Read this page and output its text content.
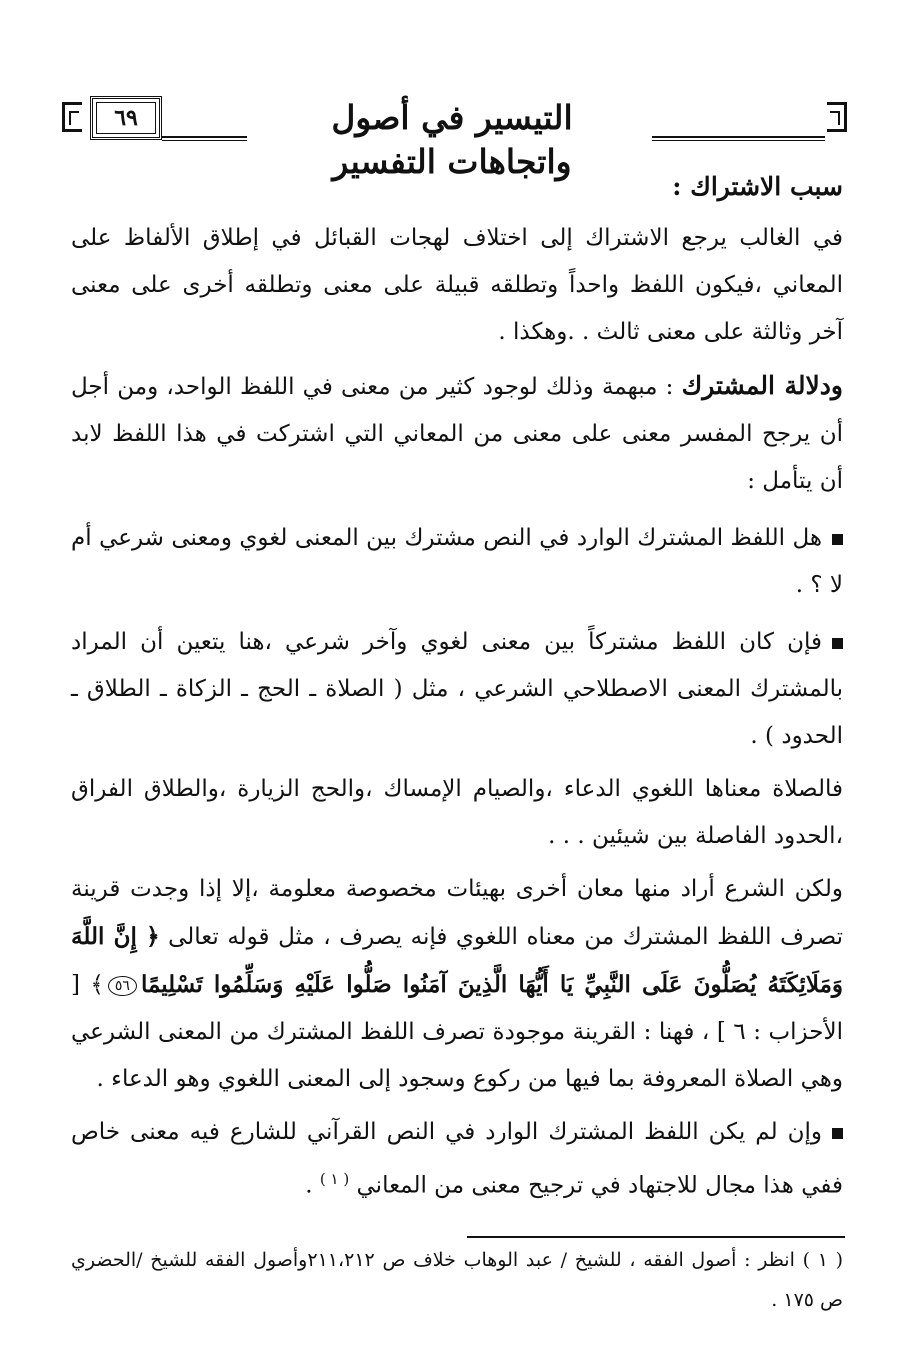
التيسير في أصول واتجاهات التفسير
٦٩
سبب الاشتراك :

في الغالب يرجع الاشتراك إلى اختلاف لهجات القبائل في إطلاق الألفاظ على المعاني ،فيكون اللفظ واحداً وتطلقه قبيلة على معنى وتطلقه أخرى على معنى آخر وثالثة على معنى ثالث . .وهكذا .

ودلالة المشترك : مبهمة وذلك لوجود كثير من معنى في اللفظ الواحد، ومن أجل أن يرجح المفسر معنى على معنى من المعاني التي اشتركت في هذا اللفظ لابد أن يتأمل :

هل اللفظ المشترك الوارد في النص مشترك بين المعنى لغوي ومعنى شرعي أم لا ؟ .

فإن كان اللفظ مشتركاً بين معنى لغوي وآخر شرعي ،هنا يتعين أن المراد بالمشترك المعنى الاصطلاحي الشرعي ، مثل ( الصلاة ـ الحج ـ الزكاة ـ الطلاق ـ الحدود ) .

فالصلاة معناها اللغوي الدعاء ،والصيام الإمساك ،والحج الزيارة ،والطلاق الفراق ،الحدود الفاصلة بين شيئين . . .

ولكن الشرع أراد منها معان أخرى بهيئات مخصوصة معلومة ،إلا إذا وجدت قرينة تصرف اللفظ المشترك من معناه اللغوي فإنه يصرف ، مثل قوله تعالى ﴿ إِنَّ اللَّهَ وَمَلَائِكَتَهُ يُصَلُّونَ عَلَى النَّبِيِّ يَا أَيُّهَا الَّذِينَ آمَنُوا صَلُّوا عَلَيْهِ وَسَلِّمُوا تَسْلِيمًا٥٦﴾ [ الأحزاب : ٦ ] ، فهنا : القرينة موجودة تصرف اللفظ المشترك من المعنى الشرعي وهي الصلاة المعروفة بما فيها من ركوع وسجود إلى المعنى اللغوي وهو الدعاء .

وإن لم يكن اللفظ المشترك الوارد في النص القرآني للشارع فيه معنى خاص ففي هذا مجال للاجتهاد في ترجيح معنى من المعاني $^{( ١ )}$ .

( ١ ) انظر : أصول الفقه ، للشيخ / عبد الوهاب خلاف ص ٢١١،٢١٢وأصول الفقه للشيخ /الحضري ص ١٧٥ .
